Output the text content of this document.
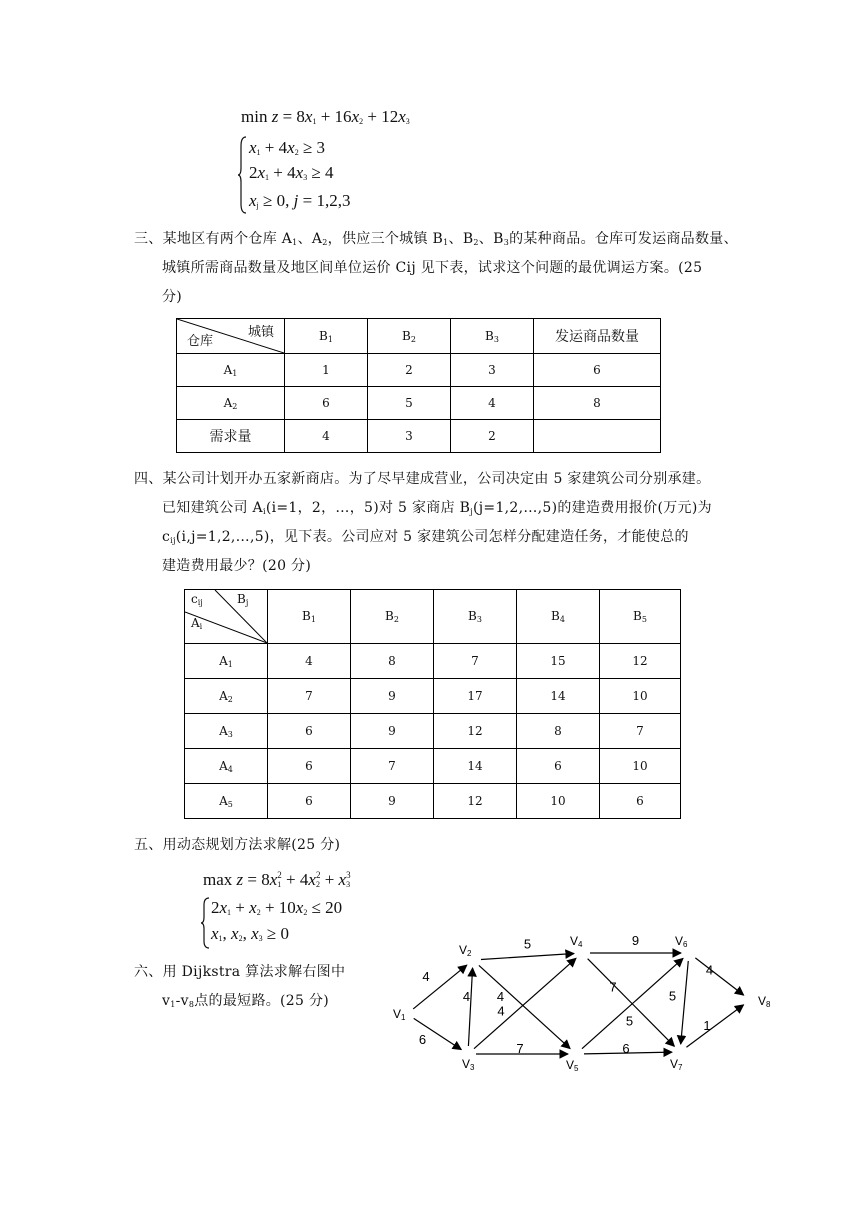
$\min z = 8x_1 + 16x_2 + 12x_3$
$x_1 + 4x_2 \ge 3$
$2x_1 + 4x_3 \ge 4$
$x_j \ge 0$, j = 1,2,3
三、某地区有两个仓库 $A_1$、$A_2$，供应三个城镇 $B_1$、$B_2$、$B_3$的某种商品。仓库可发运商品数量、
城镇所需商品数量及地区间单位运价 Cij 见下表，试求这个问题的最优调运方案。(25
分)
城镇
仓库	$B_1$	$B_2$	$B_3$	发运商品数量
$A_1$	1	2	3	6
$A_2$	6	5	4	8
需求量	4	3	2	
四、某公司计划开办五家新商店。为了尽早建成营业，公司决定由 5 家建筑公司分别承建。
已知建筑公司 $A_i(i=1$，2，…，5)对 5 家商店 $B_j(j=1,2,\dots,5)$的建造费用报价(万元)为
$c_{ij}(i,j=1,2,\dots,5)$，见下表。公司应对 5 家建筑公司怎样分配建造任务，才能使总的
建造费用最少？(20 分)
$c_{ij}$ $B_j$
$A_i$	$B_1$	$B_2$	$B_3$	$B_4$	$B_5$
$A_1$	4	8	7	15	12
$A_2$	7	9	17	14	10
$A_3$	6	9	12	8	7
$A_4$	6	7	14	6	10
$A_5$	6	9	12	10	6
五、用动态规划方法求解(25 分)
$\max z = 8x_1^2 + 4x_2^2 + x_3^3$
$2x_1 + x_2 + 10x_2 \le 20$
$x_1$, $x_2$, $x_3 \ge 0$
六、用 Dijkstra 算法求解右图中
$v_1-v_8$点的最短路。(25 分)
4
6
5
4
4
7
4
9
7
5
6
5
4
1
V1
V2
V3
V4
V5
V6
V7
V8
